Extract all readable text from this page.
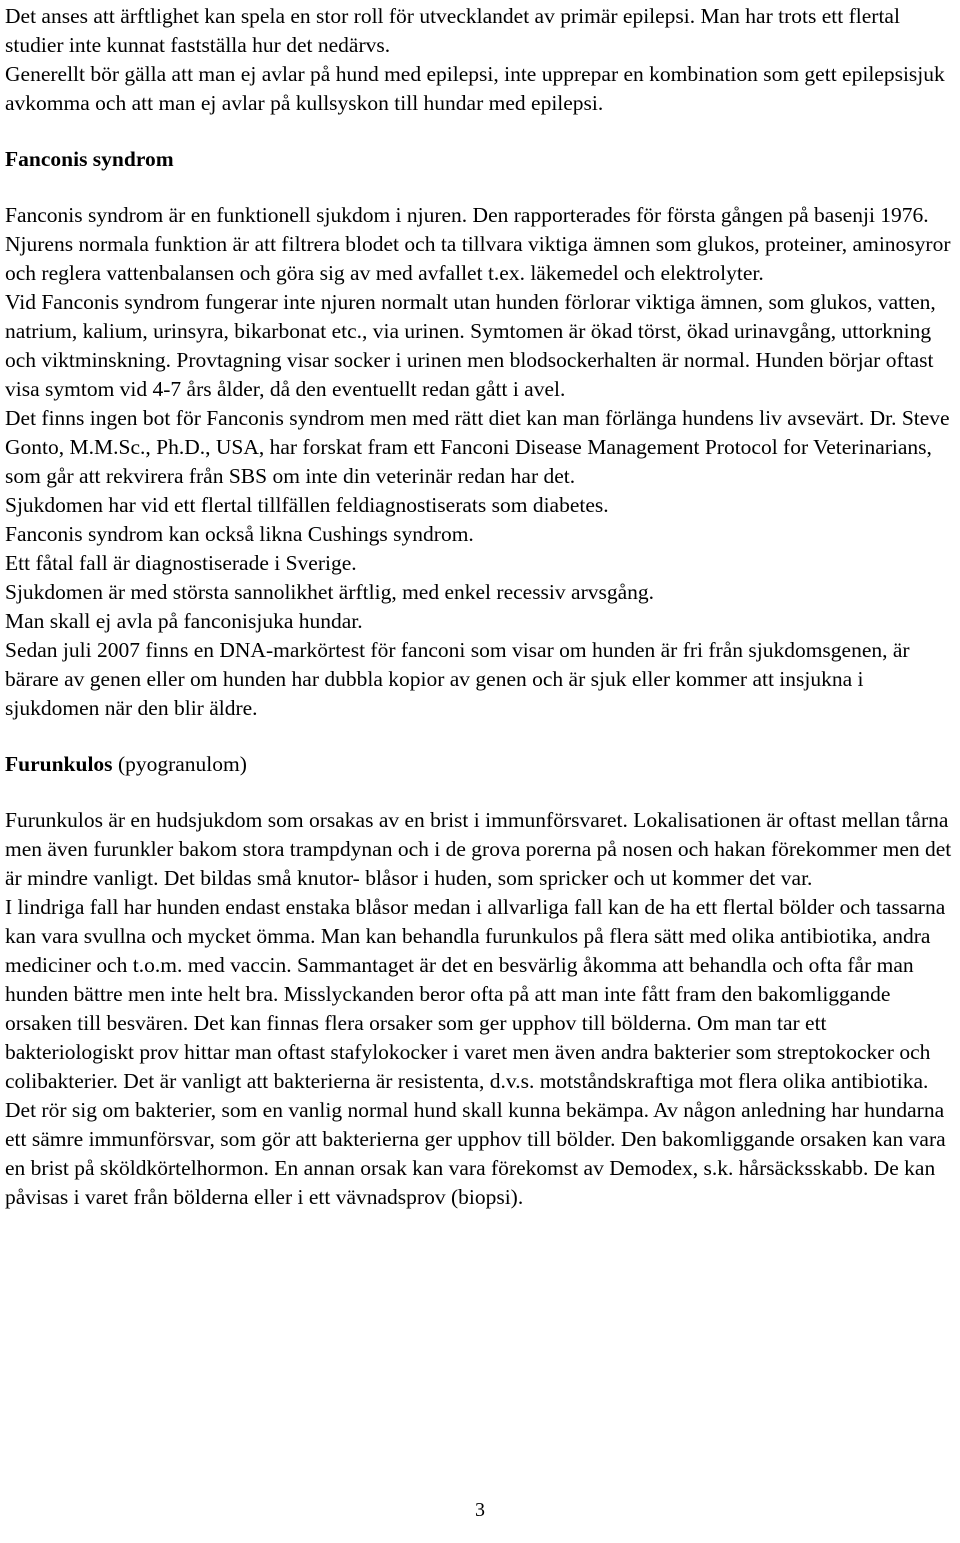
Det anses att ärftlighet kan spela en stor roll för utvecklandet av primär epilepsi. Man har trots ett flertal studier inte kunnat fastställa hur det nedärvs.

Generellt bör gälla att man ej avlar på hund med epilepsi, inte upprepar en kombination som gett epilepsisjuk avkomma och att man ej avlar på kullsyskon till hundar med epilepsi.

Fanconis syndrom

Fanconis syndrom är en funktionell sjukdom i njuren. Den rapporterades för första gången på basenji 1976.

Njurens normala funktion är att filtrera blodet och ta tillvara viktiga ämnen som glukos, proteiner, aminosyror och reglera vattenbalansen och göra sig av med avfallet t.ex. läkemedel och elektrolyter.

Vid Fanconis syndrom fungerar inte njuren normalt utan hunden förlorar viktiga ämnen, som glukos, vatten, natrium, kalium, urinsyra, bikarbonat etc., via urinen. Symtomen är ökad törst, ökad urinavgång, uttorkning och viktminskning. Provtagning visar socker i urinen men blodsockerhalten är normal. Hunden börjar oftast visa symtom vid 4-7 års ålder, då den eventuellt redan gått i avel.

Det finns ingen bot för Fanconis syndrom men med rätt diet kan man förlänga hundens liv avsevärt. Dr. Steve Gonto, M.M.Sc., Ph.D., USA, har forskat fram ett Fanconi Disease Management Protocol for Veterinarians, som går att rekvirera från SBS om inte din veterinär redan har det.

Sjukdomen har vid ett flertal tillfällen feldiagnostiserats som diabetes.

Fanconis syndrom kan också likna Cushings syndrom.

Ett fåtal fall är diagnostiserade i Sverige.

Sjukdomen är med största sannolikhet ärftlig, med enkel recessiv arvsgång.

Man skall ej avla på fanconisjuka hundar.

Sedan juli 2007 finns en DNA-markörtest för fanconi som visar om hunden är fri från sjukdomsgenen, är bärare av genen eller om hunden har dubbla kopior av genen och är sjuk eller kommer att insjukna i sjukdomen när den blir äldre.

Furunkulos (pyogranulom)

Furunkulos är en hudsjukdom som orsakas av en brist i immunförsvaret. Lokalisationen är oftast mellan tårna men även furunkler bakom stora trampdynan och i de grova porerna på nosen och hakan förekommer men det är mindre vanligt. Det bildas små knutor- blåsor i huden, som spricker och ut kommer det var.

I lindriga fall har hunden endast enstaka blåsor medan i allvarliga fall kan de ha ett flertal bölder och tassarna kan vara svullna och mycket ömma. Man kan behandla furunkulos på flera sätt med olika antibiotika, andra mediciner och t.o.m. med vaccin. Sammantaget är det en besvärlig åkomma att behandla och ofta får man hunden bättre men inte helt bra. Misslyckanden beror ofta på att man inte fått fram den bakomliggande orsaken till besvären. Det kan finnas flera orsaker som ger upphov till bölderna. Om man tar ett bakteriologiskt prov hittar man oftast stafylokocker i varet men även andra bakterier som streptokocker och colibakterier. Det är vanligt att bakterierna är resistenta, d.v.s. motståndskraftiga mot flera olika antibiotika. Det rör sig om bakterier, som en vanlig normal hund skall kunna bekämpa. Av någon anledning har hundarna ett sämre immunförsvar, som gör att bakterierna ger upphov till bölder. Den bakomliggande orsaken kan vara en brist på sköldkörtelhormon. En annan orsak kan vara förekomst av Demodex, s.k. hårsäcksskabb. De kan påvisas i varet från bölderna eller i ett vävnadsprov (biopsi).

3
